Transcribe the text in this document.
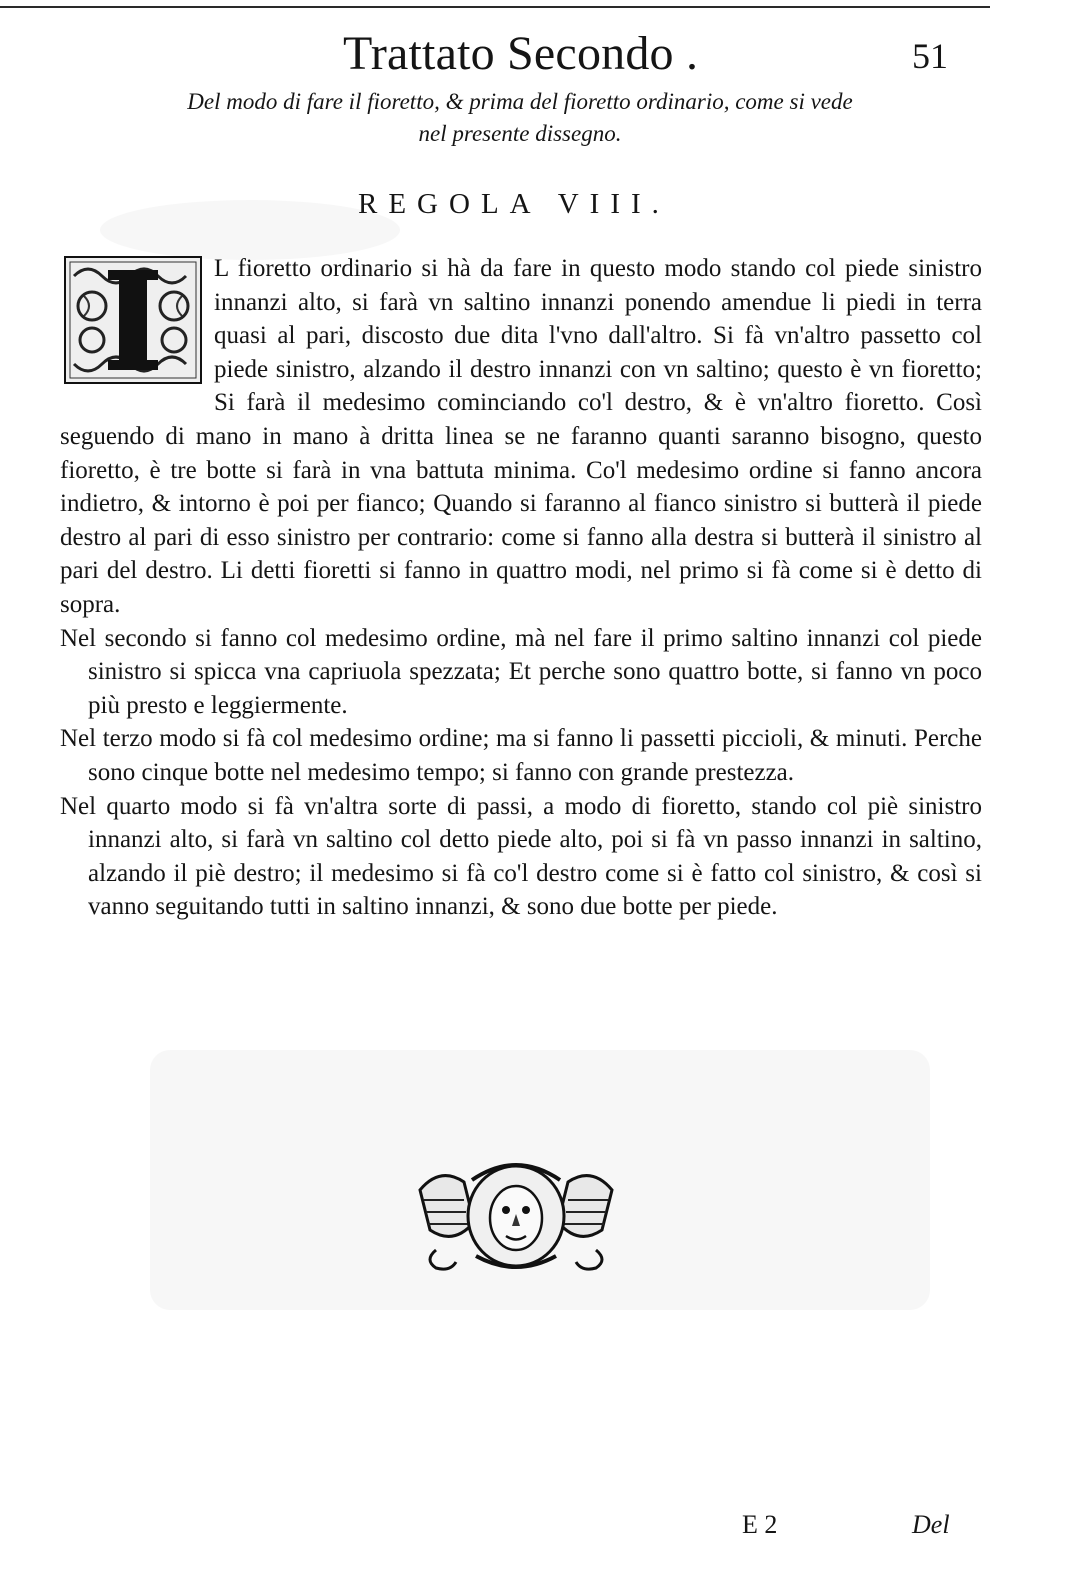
Trattato Secondo .	51
Del modo di fare il fioretto, & prima del fioretto ordinario, come si vede
nel presente dissegno.
REGOLA VIII.

L fioretto ordinario si hà da fare in questo modo stando col piede sinistro innanzi alto, si farà vn saltino innanzi ponendo amendue li piedi in terra quasi al pari, discosto due dita l'vno dall'altro. Si fà vn'altro passetto col piede sinistro, alzando il destro innanzi con vn saltino; questo è vn fioretto; Si farà il medesimo cominciando co'l destro, & è vn'altro fioretto. Così seguendo di mano in mano à dritta linea se ne faranno quanti saranno bisogno, questo fioretto, è tre botte si farà in vna battuta minima. Co'l medesimo ordine si fanno ancora indietro, & intorno è poi per fianco; Quando si faranno al fianco sinistro si butterà il piede destro al pari di esso sinistro per contrario: come si fanno alla destra si butterà il sinistro al pari del destro. Li detti fioretti si fanno in quattro modi, nel primo si fà come si è detto di sopra.

Nel secondo si fanno col medesimo ordine, mà nel fare il primo saltino innanzi col piede sinistro si spicca vna capriuola spezzata; Et perche sono quattro botte, si fanno vn poco più presto e leggiermente.

Nel terzo modo si fà col medesimo ordine; ma si fanno li passetti piccioli, & minuti. Perche sono cinque botte nel medesimo tempo; si fanno con grande prestezza.

Nel quarto modo si fà vn'altra sorte di passi, a modo di fioretto, stando col piè sinistro innanzi alto, si farà vn saltino col detto piede alto, poi si fà vn passo innanzi in saltino, alzando il piè destro; il medesimo si fà co'l destro come si è fatto col sinistro, & così si vanno seguitando tutti in saltino innanzi, & sono due botte per piede.

E 2	Del
